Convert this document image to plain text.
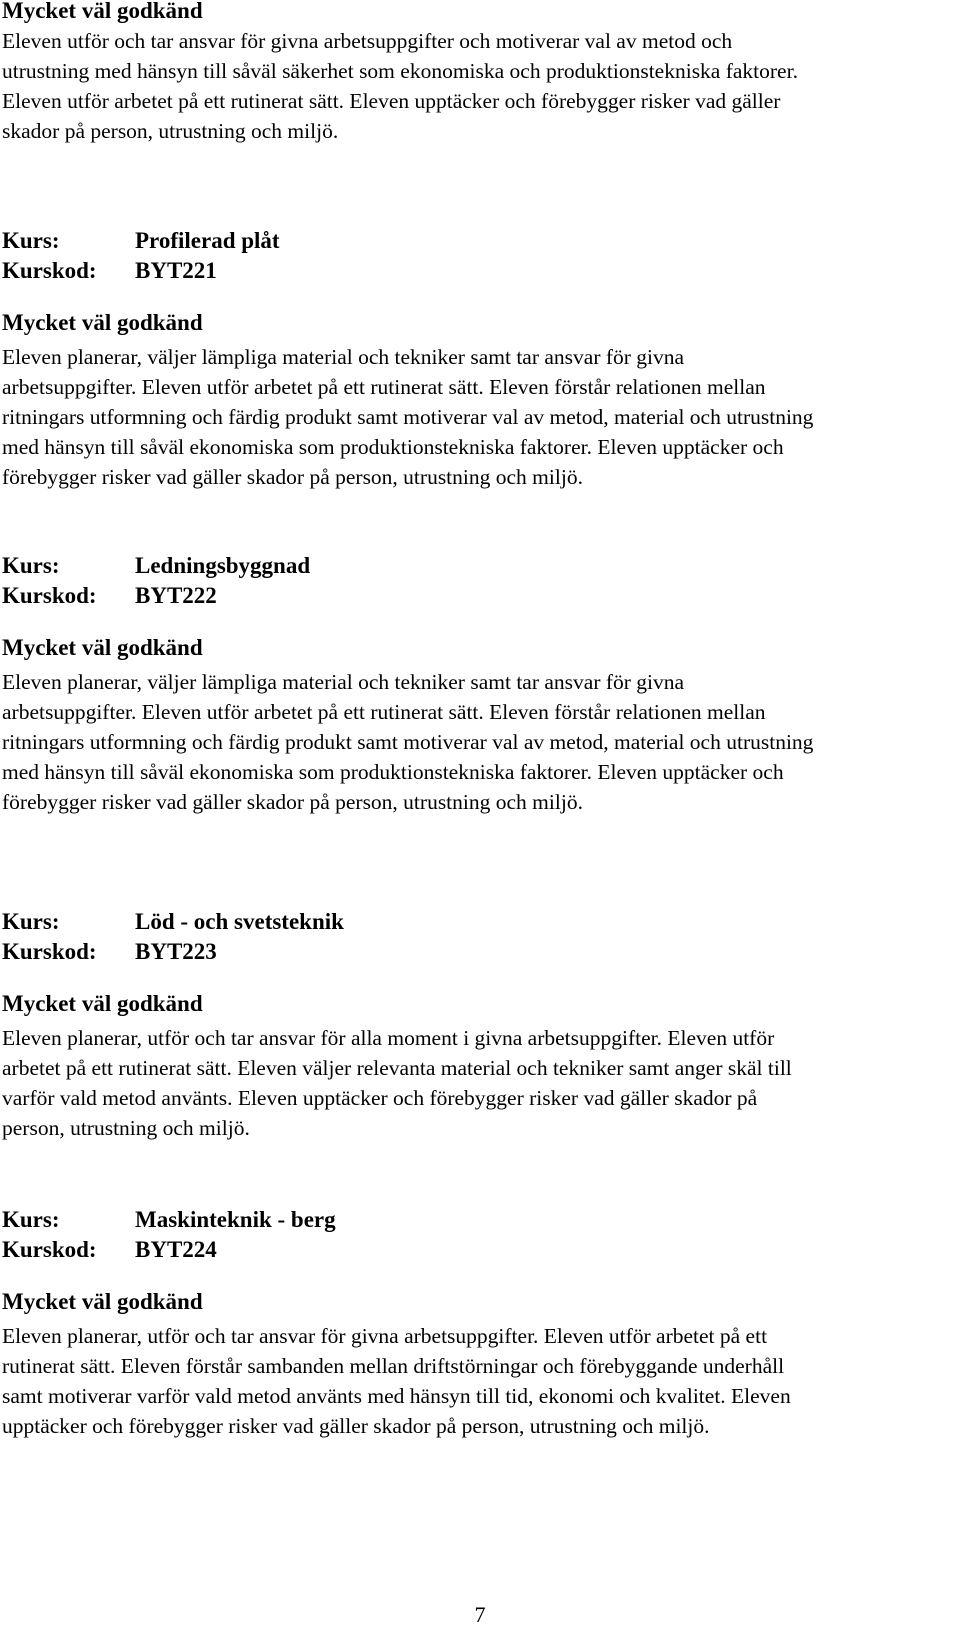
Mycket väl godkänd
Eleven utför och tar ansvar för givna arbetsuppgifter och motiverar val av metod och
utrustning med hänsyn till såväl säkerhet som ekonomiska och produktionstekniska faktorer.
Eleven utför arbetet på ett rutinerat sätt. Eleven upptäcker och förebygger risker vad gäller
skador på person, utrustning och miljö.
Kurs:	Profilerad plåt
Kurskod: BYT221
Mycket väl godkänd
Eleven planerar, väljer lämpliga material och tekniker samt tar ansvar för givna
arbetsuppgifter. Eleven utför arbetet på ett rutinerat sätt. Eleven förstår relationen mellan
ritningars utformning och färdig produkt samt motiverar val av metod, material och utrustning
med hänsyn till såväl ekonomiska som produktionstekniska faktorer. Eleven upptäcker och
förebygger risker vad gäller skador på person, utrustning och miljö.
Kurs:	Ledningsbyggnad
Kurskod: BYT222
Mycket väl godkänd
Eleven planerar, väljer lämpliga material och tekniker samt tar ansvar för givna
arbetsuppgifter. Eleven utför arbetet på ett rutinerat sätt. Eleven förstår relationen mellan
ritningars utformning och färdig produkt samt motiverar val av metod, material och utrustning
med hänsyn till såväl ekonomiska som produktionstekniska faktorer. Eleven upptäcker och
förebygger risker vad gäller skador på person, utrustning och miljö.
Kurs:	Löd - och svetsteknik
Kurskod: BYT223
Mycket väl godkänd
Eleven planerar, utför och tar ansvar för alla moment i givna arbetsuppgifter. Eleven utför
arbetet på ett rutinerat sätt. Eleven väljer relevanta material och tekniker samt anger skäl till
varför vald metod använts. Eleven upptäcker och förebygger risker vad gäller skador på
person, utrustning och miljö.
Kurs:	Maskinteknik - berg
Kurskod: BYT224
Mycket väl godkänd
Eleven planerar, utför och tar ansvar för givna arbetsuppgifter. Eleven utför arbetet på ett
rutinerat sätt. Eleven förstår sambanden mellan driftstörningar och förebyggande underhåll
samt motiverar varför vald metod använts med hänsyn till tid, ekonomi och kvalitet. Eleven
upptäcker och förebygger risker vad gäller skador på person, utrustning och miljö.
7
